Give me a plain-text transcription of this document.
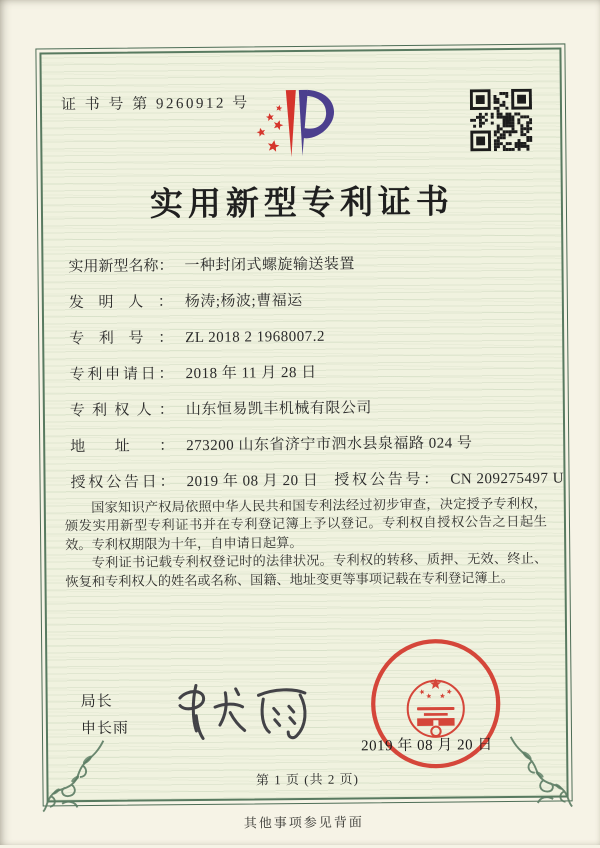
证 书 号 第 9260912 号
实用新型专利证书
实用新型名称： 一种封闭式螺旋输送装置
发明人： 杨涛;杨波;曹福运
专利号： ZL 2018 2 1968007.2
专利申请日： 2018 年 11 月 28 日
专利权人： 山东恒易凯丰机械有限公司
地址： 273200 山东省济宁市泗水县泉福路 024 号
授权公告日： 2019 年 08 月 20 日 授权公告号： CN 209275497 U

国家知识产权局依照中华人民共和国专利法经过初步审查，决定授予专利权，颁发实用新型专利证书并在专利登记簿上予以登记。专利权自授权公告之日起生效。专利权期限为十年，自申请日起算。

专利证书记载专利权登记时的法律状况。专利权的转移、质押、无效、终止、恢复和专利权人的姓名或名称、国籍、地址变更等事项记载在专利登记簿上。

局长
申长雨
2019 年 08 月 20 日
第 1 页 (共 2 页)
其他事项参见背面
